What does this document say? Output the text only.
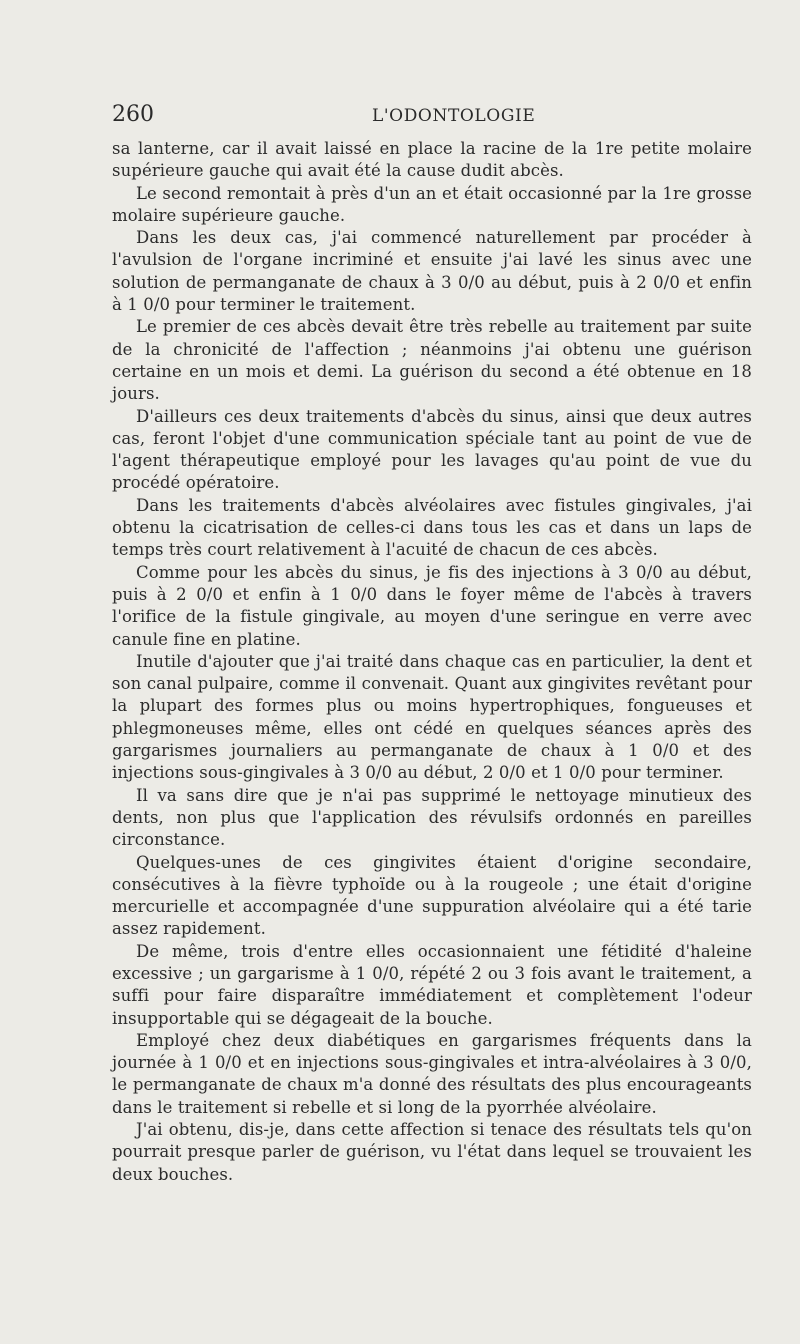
260	L'ODONTOLOGIE

sa lanterne, car il avait laissé en place la racine de la 1re petite molaire supérieure gauche qui avait été la cause dudit abcès.

Le second remontait à près d'un an et était occasionné par la 1re grosse molaire supérieure gauche.

Dans les deux cas, j'ai commencé naturellement par procéder à l'avulsion de l'organe incriminé et ensuite j'ai lavé les sinus avec une solution de permanganate de chaux à 3 0/0 au début, puis à 2 0/0 et enfin à 1 0/0 pour terminer le traitement.

Le premier de ces abcès devait être très rebelle au traitement par suite de la chronicité de l'affection ; néanmoins j'ai obtenu une guérison certaine en un mois et demi. La guérison du second a été obtenue en 18 jours.

D'ailleurs ces deux traitements d'abcès du sinus, ainsi que deux autres cas, feront l'objet d'une communication spéciale tant au point de vue de l'agent thérapeutique employé pour les lavages qu'au point de vue du procédé opératoire.

Dans les traitements d'abcès alvéolaires avec fistules gingivales, j'ai obtenu la cicatrisation de celles-ci dans tous les cas et dans un laps de temps très court relativement à l'acuité de chacun de ces abcès.

Comme pour les abcès du sinus, je fis des injections à 3 0/0 au début, puis à 2 0/0 et enfin à 1 0/0 dans le foyer même de l'abcès à travers l'orifice de la fistule gingivale, au moyen d'une seringue en verre avec canule fine en platine.

Inutile d'ajouter que j'ai traité dans chaque cas en particulier, la dent et son canal pulpaire, comme il convenait. Quant aux gingivites revêtant pour la plupart des formes plus ou moins hypertrophiques, fongueuses et phlegmoneuses même, elles ont cédé en quelques séances après des gargarismes journaliers au permanganate de chaux à 1 0/0 et des injections sous-gingivales à 3 0/0 au début, 2 0/0 et 1 0/0 pour terminer.

Il va sans dire que je n'ai pas supprimé le nettoyage minutieux des dents, non plus que l'application des révulsifs ordonnés en pareilles circonstance.

Quelques-unes de ces gingivites étaient d'origine secondaire, consécutives à la fièvre typhoïde ou à la rougeole ; une était d'origine mercurielle et accompagnée d'une suppuration alvéolaire qui a été tarie assez rapidement.

De même, trois d'entre elles occasionnaient une fétidité d'haleine excessive ; un gargarisme à 1 0/0, répété 2 ou 3 fois avant le traitement, a suffi pour faire disparaître immédiatement et complètement l'odeur insupportable qui se dégageait de la bouche.

Employé chez deux diabétiques en gargarismes fréquents dans la journée à 1 0/0 et en injections sous-gingivales et intra-alvéolaires à 3 0/0, le permanganate de chaux m'a donné des résultats des plus encourageants dans le traitement si rebelle et si long de la pyorrhée alvéolaire.

J'ai obtenu, dis-je, dans cette affection si tenace des résultats tels qu'on pourrait presque parler de guérison, vu l'état dans lequel se trouvaient les deux bouches.
